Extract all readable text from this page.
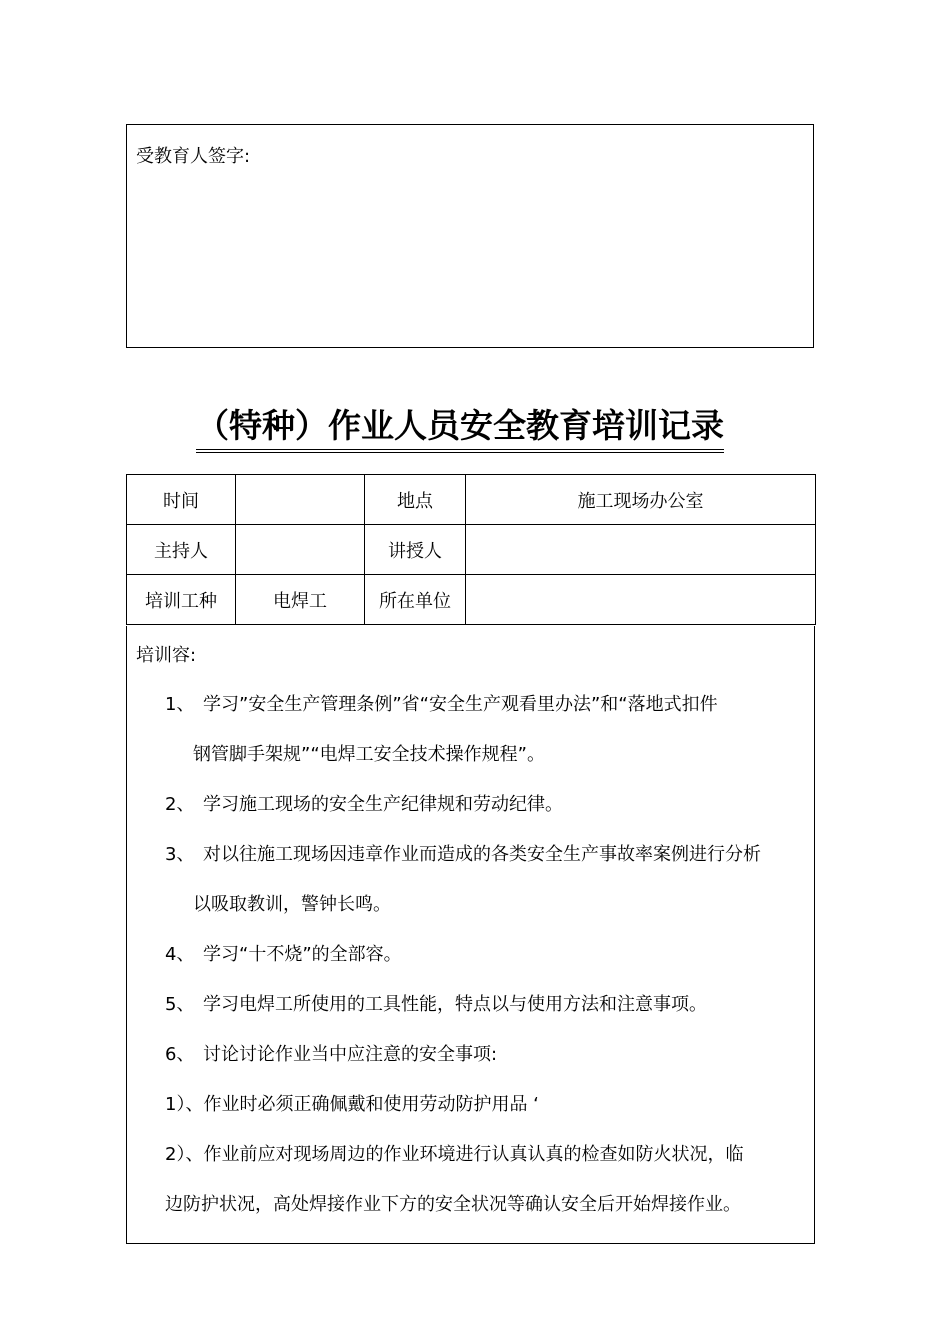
受教育人签字:
（特种）作业人员安全教育培训记录
时间		地点	施工现场办公室
主持人		讲授人	
培训工种	电焊工	所在单位	
培训容:
1、 学习”安全生产管理条例”省“安全生产观看里办法”和“落地式扣件
钢管脚手架规”“电焊工安全技术操作规程”。
2、 学习施工现场的安全生产纪律规和劳动纪律。
3、 对以往施工现场因违章作业而造成的各类安全生产事故率案例进行分析
以吸取教训，警钟长鸣。
4、 学习“十不烧”的全部容。
5、 学习电焊工所使用的工具性能，特点以与使用方法和注意事项。
6、 讨论讨论作业当中应注意的安全事项:
1）、作业时必须正确佩戴和使用劳动防护用品 ‘
2）、作业前应对现场周边的作业环境进行认真认真的检查如防火状况，临
边防护状况，高处焊接作业下方的安全状况等确认安全后开始焊接作业。
